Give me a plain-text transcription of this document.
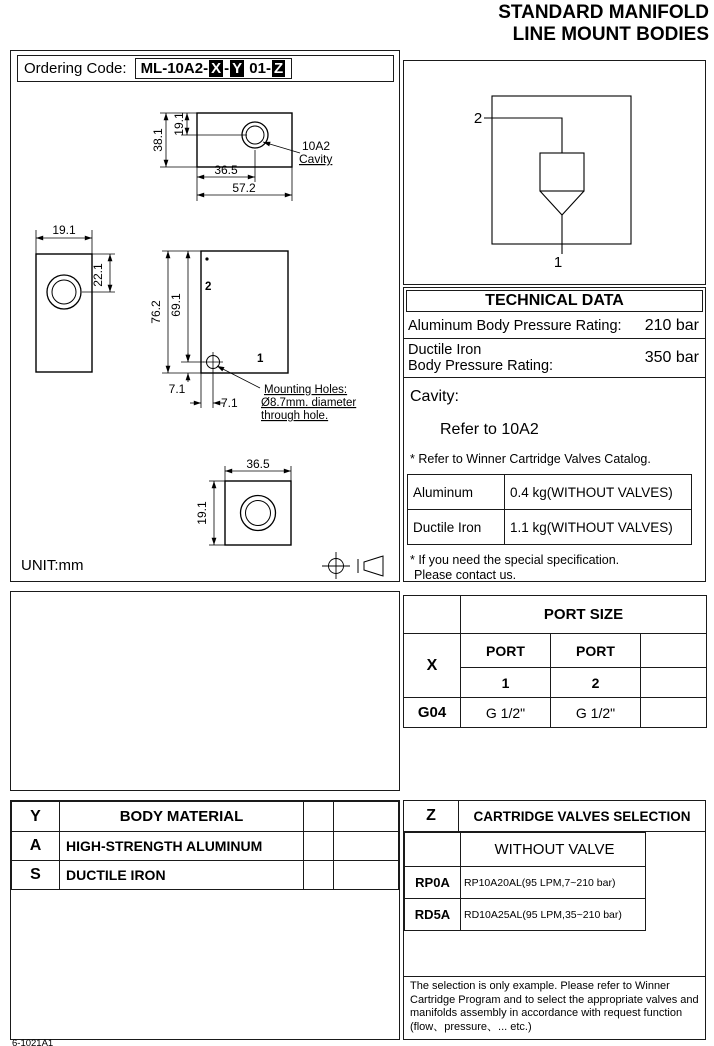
STANDARD MANIFOLD
LINE MOUNT BODIES
Ordering Code: ML-10A2- X - Y 01- Z
38.1
19.1
36.5
57.2
10A2
Cavity
19.1
22.1
2
1
76.2 69.1
7.1
7.1
Mounting Holes:
Ø8.7mm. diameter
through hole.
36.5
19.1
UNIT:mm
2
1
TECHNICAL DATA
Aluminum Body Pressure Rating: 210 bar
Ductile Iron
Body Pressure Rating:	350 bar
Cavity:
Refer to 10A2
* Refer to Winner Cartridge Valves Catalog.
Aluminum	0.4 kg(WITHOUT VALVES)
Ductile Iron	1.1 kg(WITHOUT VALVES)
* If you need the special specification.
Please contact us.
	PORT SIZE		
X	PORT	PORT	
	1	2	
G04	G 1/2"	G 1/2"	
Y	BODY MATERIAL		
A	HIGH-STRENGTH ALUMINUM		
S	DUCTILE IRON		
Z	CARTRIDGE VALVES SELECTION
	WITHOUT VALVE
RP0A	RP10A20AL(95 LPM,7~210 bar)
RD5A	RD10A25AL(95 LPM,35~210 bar)
The selection is only example. Please refer to Winner Cartridge Program and to select the appropriate valves and manifolds assembly in accordance with request function (flow、pressure、... etc.)
6-1021A1
